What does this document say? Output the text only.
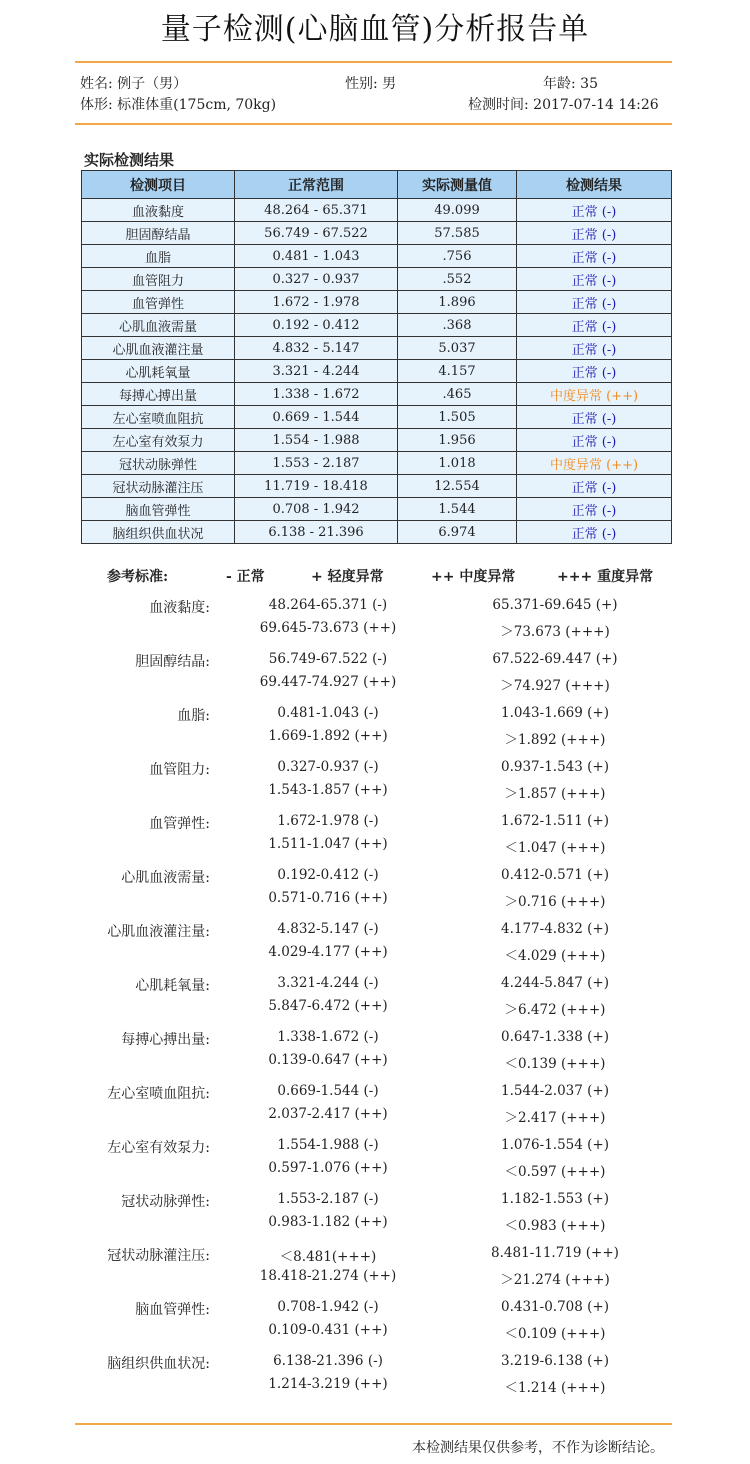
量子检测(心脑血管)分析报告单
姓名: 例子（男）	性别: 男	年龄: 35
体形: 标准体重(175cm, 70kg)	检测时间: 2017-07-14 14:26
实际检测结果
检测项目	正常范围	实际测量值	检测结果
血液黏度	48.264 - 65.371	49.099	正常 (-)
胆固醇结晶	56.749 - 67.522	57.585	正常 (-)
血脂	0.481 - 1.043	.756	正常 (-)
血管阻力	0.327 - 0.937	.552	正常 (-)
血管弹性	1.672 - 1.978	1.896	正常 (-)
心肌血液需量	0.192 - 0.412	.368	正常 (-)
心肌血液灌注量	4.832 - 5.147	5.037	正常 (-)
心肌耗氧量	3.321 - 4.244	4.157	正常 (-)
每搏心搏出量	1.338 - 1.672	.465	中度异常 (++)
左心室喷血阻抗	0.669 - 1.544	1.505	正常 (-)
左心室有效泵力	1.554 - 1.988	1.956	正常 (-)
冠状动脉弹性	1.553 - 2.187	1.018	中度异常 (++)
冠状动脉灌注压	11.719 - 18.418	12.554	正常 (-)
脑血管弹性	0.708 - 1.942	1.544	正常 (-)
脑组织供血状况	6.138 - 21.396	6.974	正常 (-)
参考标准:	- 正常	+ 轻度异常	++ 中度异常	+++ 重度异常
血液黏度:	48.264-65.371 (-)	65.371-69.645 (+)
69.645-73.673 (++)	＞73.673 (+++)
胆固醇结晶:	56.749-67.522 (-)	67.522-69.447 (+)
69.447-74.927 (++)	＞74.927 (+++)
血脂:	0.481-1.043 (-)	1.043-1.669 (+)
1.669-1.892 (++)	＞1.892 (+++)
血管阻力:	0.327-0.937 (-)	0.937-1.543 (+)
1.543-1.857 (++)	＞1.857 (+++)
血管弹性:	1.672-1.978 (-)	1.672-1.511 (+)
1.511-1.047 (++)	＜1.047 (+++)
心肌血液需量:	0.192-0.412 (-)	0.412-0.571 (+)
0.571-0.716 (++)	＞0.716 (+++)
心肌血液灌注量:	4.832-5.147 (-)	4.177-4.832 (+)
4.029-4.177 (++)	＜4.029 (+++)
心肌耗氧量:	3.321-4.244 (-)	4.244-5.847 (+)
5.847-6.472 (++)	＞6.472 (+++)
每搏心搏出量:	1.338-1.672 (-)	0.647-1.338 (+)
0.139-0.647 (++)	＜0.139 (+++)
左心室喷血阻抗:	0.669-1.544 (-)	1.544-2.037 (+)
2.037-2.417 (++)	＞2.417 (+++)
左心室有效泵力:	1.554-1.988 (-)	1.076-1.554 (+)
0.597-1.076 (++)	＜0.597 (+++)
冠状动脉弹性:	1.553-2.187 (-)	1.182-1.553 (+)
0.983-1.182 (++)	＜0.983 (+++)
冠状动脉灌注压:	＜8.481(+++)	8.481-11.719 (++)
18.418-21.274 (++)	＞21.274 (+++)
脑血管弹性:	0.708-1.942 (-)	0.431-0.708 (+)
0.109-0.431 (++)	＜0.109 (+++)
脑组织供血状况:	6.138-21.396 (-)	3.219-6.138 (+)
1.214-3.219 (++)	＜1.214 (+++)
本检测结果仅供参考，不作为诊断结论。
